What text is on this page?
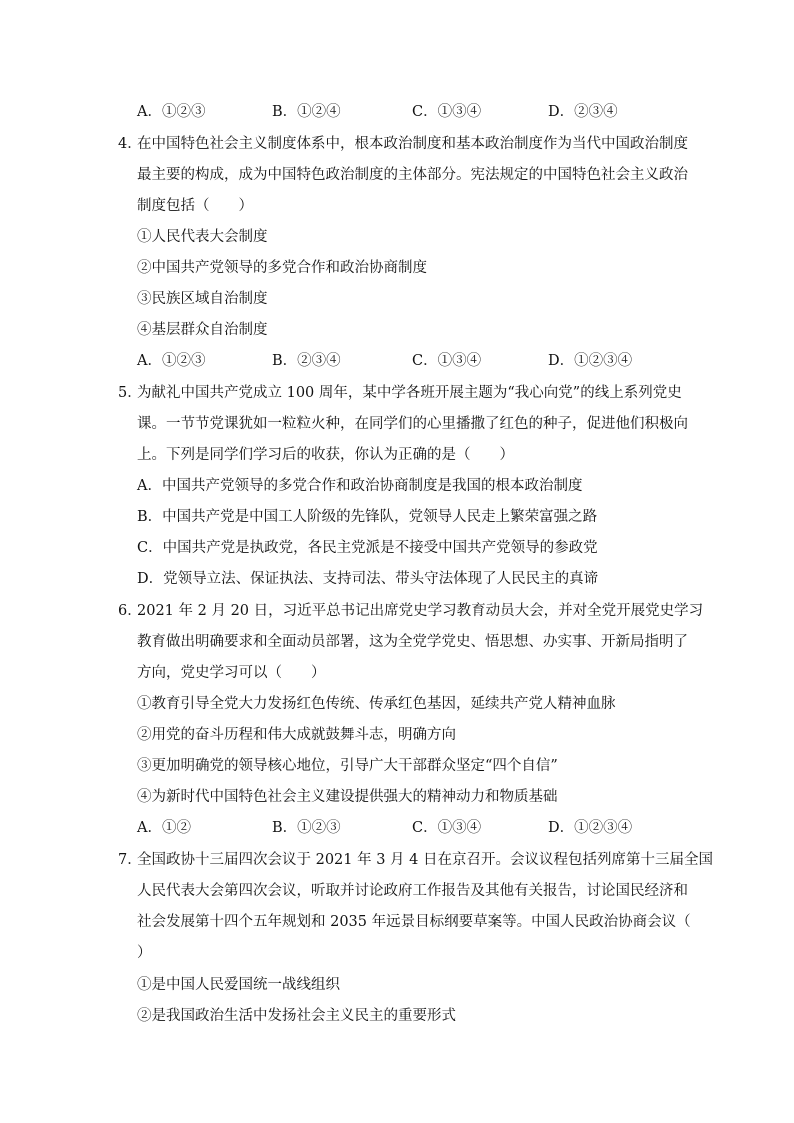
A．①②③	B．①②④	C．①③④	D．②③④
4．
在中国特色社会主义制度体系中，根本政治制度和基本政治制度作为当代中国政治制度
最主要的构成，成为中国特色政治制度的主体部分。宪法规定的中国特色社会主义政治
制度包括（　　）
①人民代表大会制度
②中国共产党领导的多党合作和政治协商制度
③民族区域自治制度
④基层群众自治制度
A．①②③	B．②③④	C．①③④	D．①②③④
5．
为献礼中国共产党成立 100 周年，某中学各班开展主题为“我心向党”的线上系列党史
课。一节节党课犹如一粒粒火种，在同学们的心里播撒了红色的种子，促进他们积极向
上。下列是同学们学习后的收获，你认为正确的是（　　）
A．中国共产党领导的多党合作和政治协商制度是我国的根本政治制度
B．中国共产党是中国工人阶级的先锋队，党领导人民走上繁荣富强之路
C．中国共产党是执政党，各民主党派是不接受中国共产党领导的参政党
D．党领导立法、保证执法、支持司法、带头守法体现了人民民主的真谛
6．
2021 年 2 月 20 日，习近平总书记出席党史学习教育动员大会，并对全党开展党史学习
教育做出明确要求和全面动员部署，这为全党学党史、悟思想、办实事、开新局指明了
方向，党史学习可以（　　）
①教育引导全党大力发扬红色传统、传承红色基因，延续共产党人精神血脉
②用党的奋斗历程和伟大成就鼓舞斗志，明确方向
③更加明确党的领导核心地位，引导广大干部群众坚定“四个自信”
④为新时代中国特色社会主义建设提供强大的精神动力和物质基础
A．①②	B．①②③	C．①③④	D．①②③④
7．
全国政协十三届四次会议于 2021 年 3 月 4 日在京召开。会议议程包括列席第十三届全国
人民代表大会第四次会议，听取并讨论政府工作报告及其他有关报告，讨论国民经济和
社会发展第十四个五年规划和 2035 年远景目标纲要草案等。中国人民政治协商会议（
）
①是中国人民爱国统一战线组织
②是我国政治生活中发扬社会主义民主的重要形式
